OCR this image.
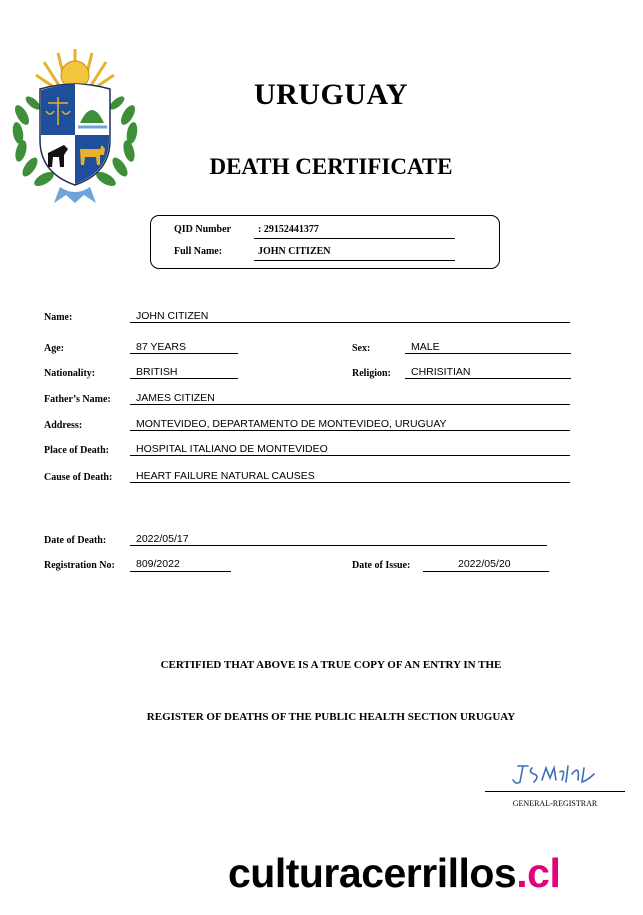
URUGUAY
DEATH CERTIFICATE
QID Number	: 29152441377
Full Name:	JOHN CITIZEN
Name:	JOHN CITIZEN
Age:	87 YEARS	Sex:	MALE
Nationality:	BRITISH	Religion: CHRISITIAN
Father’s Name: JAMES CITIZEN
Address:	MONTEVIDEO, DEPARTAMENTO DE MONTEVIDEO, URUGUAY
Place of Death:	HOSPITAL ITALIANO DE MONTEVIDEO
Cause of Death: HEART FAILURE NATURAL CAUSES
Date of Death:	2022/05/17
Registration No: 809/2022	Date of Issue:	2022/05/20
CERTIFIED THAT ABOVE IS A TRUE COPY OF AN ENTRY IN THE
REGISTER OF DEATHS OF THE PUBLIC HEALTH SECTION URUGUAY
GENERAL-REGISTRAR
culturacerrillos.cl
